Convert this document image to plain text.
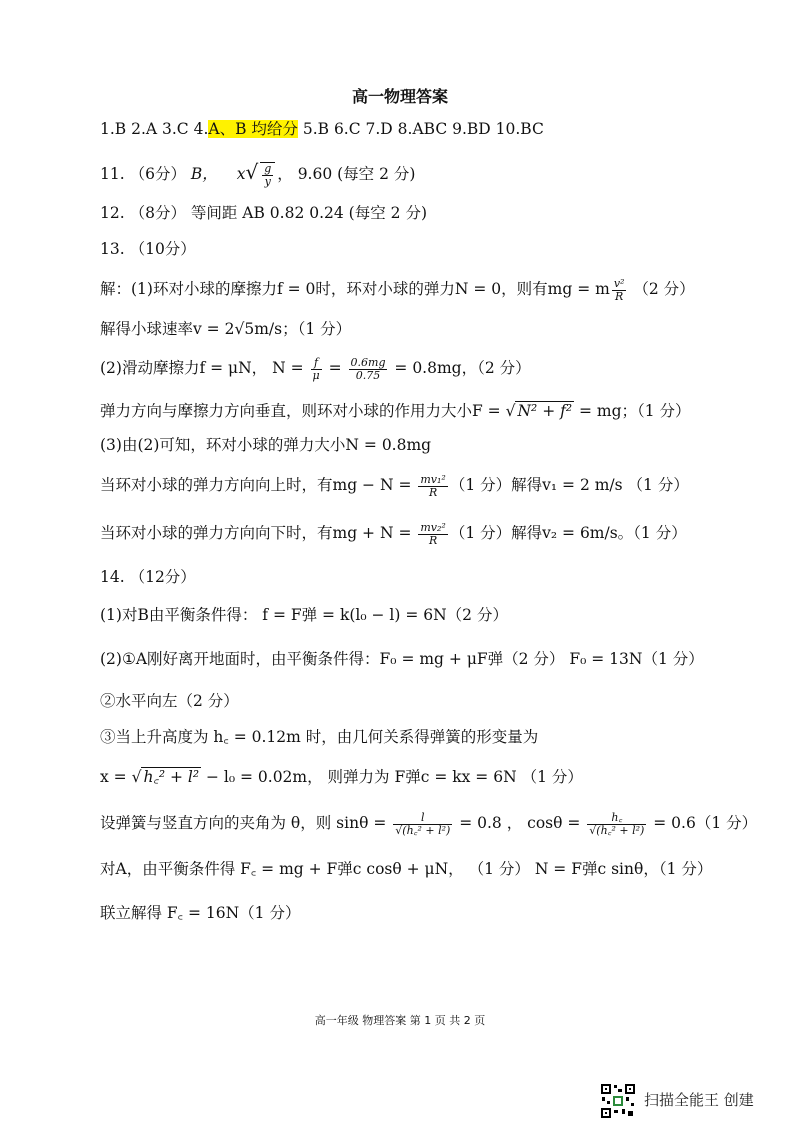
高一物理答案
1.B 2.A 3.C 4.A、B 均给分 5.B 6.C 7.D 8.ABC 9.BD 10.BC
11. （6分） B， $x√ \frac{g}{y}$ ， 9.60 (每空 2 分)
12. （8分） 等间距 AB 0.82 0.24 (每空 2 分)
13. （10分）
解：(1)环对小球的摩擦力f = 0时，环对小球的弹力N = 0，则有mg = m $\frac{\text{v²}}{R} (2$ 分）
解得小球速率v = 2√5m/s；（1 分）
(2)滑动摩擦力f = μN， $N = \frac{f}{\mu} = \frac{0.6mg}{0.75} = 0.8mg$，（2 分）
弹力方向与摩擦力方向垂直，则环对小球的作用力大小F = √ N² + f² = mg；（1 分）
(3)由(2)可知，环对小球的弹力大小N = 0.8mg
当环对小球的弹力方向向上时，有mg − $N = \frac{\text{mv₁²}}{R} (1$ 分）解得v₁ = 2 m/s （1 分）
当环对小球的弹力方向向下时，有mg + $N = \frac{\text{mv₂²}}{R} (1$ 分）解得v₂ = 6m/s。（1 分）
14. （12分）
(1)对B由平衡条件得： f = F弹 = k(l₀ − l) = 6N（2 分）
(2)①A刚好离开地面时，由平衡条件得：F₀ = mg + μF弹（2 分） F₀ = 13N（1 分）
②水平向左（2 分）
③当上升高度为 h꜀ = 0.12m 时，由几何关系得弹簧的形变量为
x = √ h꜀² + l² − l₀ = 0.02m， 则弹力为 F弹c = kx = 6N （1 分）
设弹簧与竖直方向的夹角为 θ，则 $\sin\theta = \frac{l}{\text{√(h꜀² + l²)}} = 0.8$ ， $\cos\theta = \frac{h꜀}{\text{√(h꜀² + l²)}} = 0.6(1$ 分）
对A，由平衡条件得 F꜀ = mg + F弹c cosθ + μN， （1 分） N = F弹c sinθ，（1 分）
联立解得 F꜀ = 16N（1 分）
高一年级 物理答案 第 1 页 共 2 页
扫描全能王 创建
